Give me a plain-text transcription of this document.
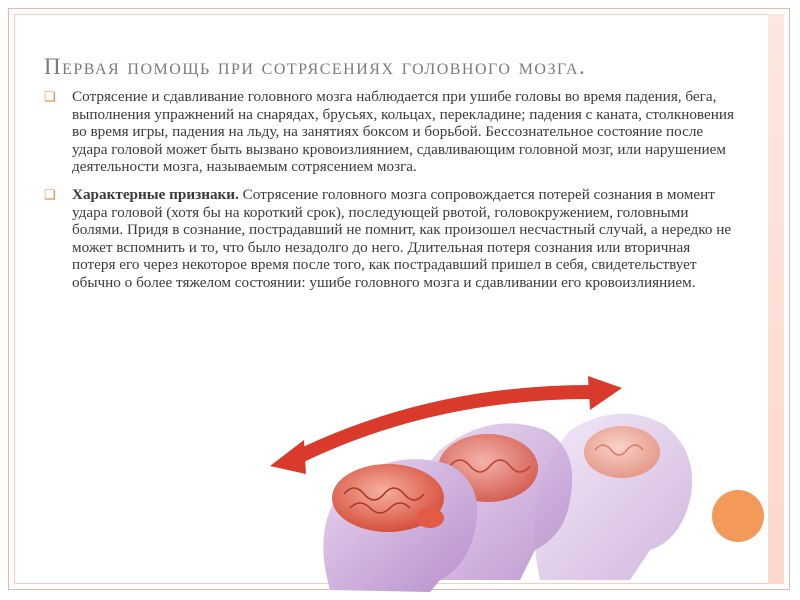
Первая помощь при сотрясениях головного мозга.
❑ Сотрясение и сдавливание головного мозга наблюдается при ушибе головы во время падения, бега, выполнения упражнений на снарядах, брусьях, кольцах, перекладине; падения с каната, столкновения во время игры, падения на льду, на занятиях боксом и борьбой. Бессознательное состояние после удара головой может быть вызвано кровоизлиянием, сдавливающим головной мозг, или нарушением деятельности мозга, называемым сотрясением мозга.
❑ Характерные признаки. Сотрясение головного мозга сопровождается потерей сознания в момент удара головой (хотя бы на короткий срок), последующей рвотой, головокружением, головными болями. Придя в сознание, пострадавший не помнит, как произошел несчастный случай, а нередко не может вспомнить и то, что было незадолго до него. Длительная потеря сознания или вторичная потеря его через некоторое время после того, как пострадавший пришел в себя, свидетельствует обычно о более тяжелом состоянии: ушибе головного мозга и сдавливании его кровоизлиянием.
